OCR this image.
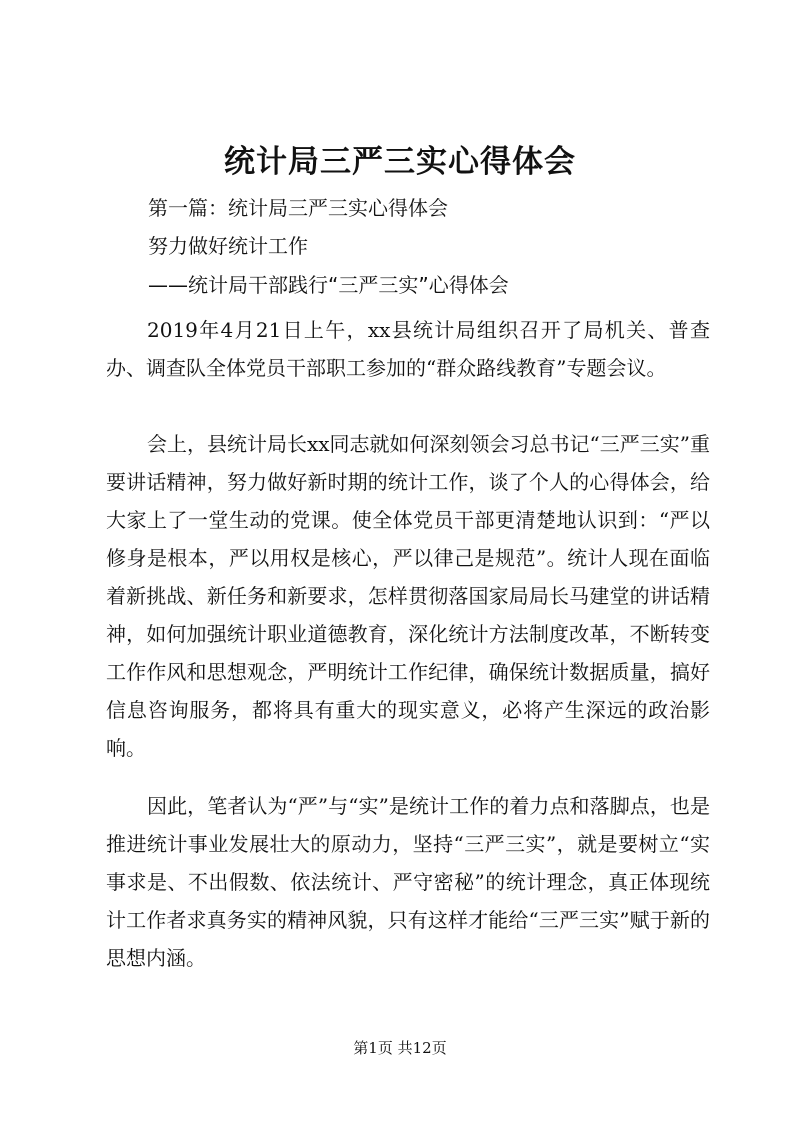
统计局三严三实心得体会
第一篇：统计局三严三实心得体会
努力做好统计工作
——统计局干部践行“三严三实”心得体会
2019年4月21日上午，xx县统计局组织召开了局机关、普查办、调查队全体党员干部职工参加的“群众路线教育”专题会议。
会上，县统计局长xx同志就如何深刻领会习总书记“三严三实”重要讲话精神，努力做好新时期的统计工作，谈了个人的心得体会，给大家上了一堂生动的党课。使全体党员干部更清楚地认识到：“严以修身是根本，严以用权是核心，严以律己是规范”。统计人现在面临着新挑战、新任务和新要求，怎样贯彻落国家局局长马建堂的讲话精神，如何加强统计职业道德教育，深化统计方法制度改革，不断转变工作作风和思想观念，严明统计工作纪律，确保统计数据质量，搞好信息咨询服务，都将具有重大的现实意义，必将产生深远的政治影响。
因此，笔者认为“严”与“实”是统计工作的着力点和落脚点，也是推进统计事业发展壮大的原动力，坚持“三严三实”，就是要树立“实事求是、不出假数、依法统计、严守密秘”的统计理念，真正体现统计工作者求真务实的精神风貌，只有这样才能给“三严三实”赋于新的思想内涵。
第1页 共12页
